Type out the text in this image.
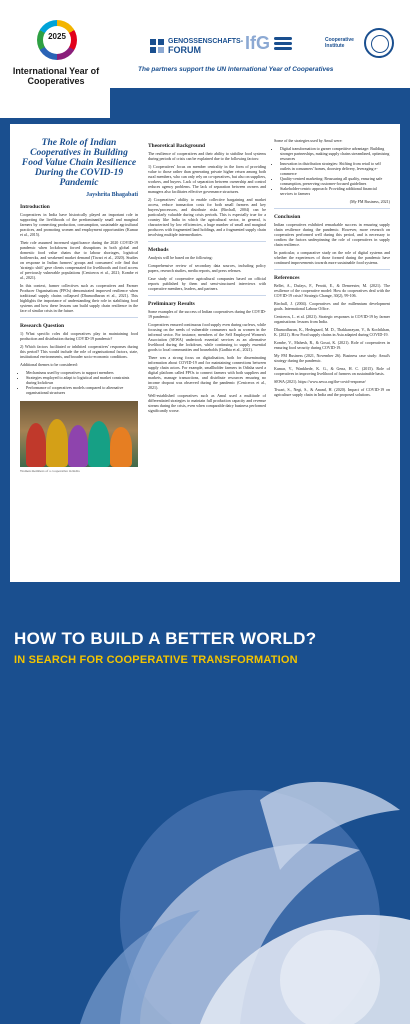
The partners support the UN International Year of Cooperatives
2025
International Year of Cooperatives
GENOSSENSCHAFTS-
FORUM	IfG	Cooperative Institute
The Role of Indian Cooperatives in Building Food Value Chain Resilience During the COVID-19 Pandemic
Jayshrita Bhagabati
Introduction

Cooperatives in India have historically played an important role in supporting the livelihoods of the predominantly small and marginal farmers by connecting production, consumption, sustainable agricultural practices, and promoting women and employment opportunities (Kumar et al., 2015).

Their role assumed increased significance during the 2020 COVID-19 pandemic when lockdowns forced disruptions in both global and domestic food value chains due to labour shortages, logistical bottlenecks, and weakened market demand (Tiwari et al., 2020). Studies on response in Indian farmers' groups and consumers' role find that 'strategic shift' gave clients compensated for livelihoods and food access of previously vulnerable populations (Ceniceros et al., 2021; Kombe et al., 2021).

In this context, farmer collectives such as cooperatives and Farmer Producer Organisations (FPOs) demonstrated improved resilience when traditional supply chains collapsed (Dhamodharan et al., 2021). This highlights the importance of understanding their role in stabilising food systems and how these lessons can build supply chain resilience in the face of similar crisis in the future.

Research Question

1) What specific roles did cooperatives play in maintaining food production and distribution during COVID-19 pandemic?

2) Which factors facilitated or inhibited cooperatives' responses during this period? This would include the role of organisational factors, state, institutional environments, and broader socio-economic conditions.

Additional themes to be considered:

• Mechanisms used by cooperatives to support members
• Strategies employed to adapt to logistical and market constraints during lockdown
• Performance of cooperatives models compared to alternative organisational structures
Women members of a cooperative in India
Theoretical Background

The resilience of cooperatives and their ability to stabilise food systems during periods of crisis can be explained due to the following factors:

1) Cooperatives' focus on member centrality in the form of providing value to those rather than generating private higher return among both rural members, who can only rely on co-operatives, but also on suppliers, workers, and buyers. Lack of separation between ownership and control reduces agency problems. The lack of separation between owners and managers also facilitates effective governance structures.

2) Cooperatives' ability to enable collective bargaining and market access, reduce transaction costs for both small farmers and key buyers/processors, and distribute risks (Birchall, 2004) can be particularly valuable during crisis periods. This is especially true for a country like India in which the agricultural sector, in general, is characterised by low efficiencies, a huge number of small and marginal producers with fragmented land holdings, and a fragmented supply chain involving multiple intermediaries.

Methods

Analysis will be based on the following:

Comprehensive review of secondary data sources, including policy papers, research studies, media reports, and press releases.

Case study of cooperative agricultural companies based on official reports published by them and semi-structured interviews with cooperative members, leaders, and partners.

Preliminary Results

Some examples of the success of Indian cooperatives during the COVID-19 pandemic:

Cooperatives ensured continuous food supply even during curfews, while focusing on the needs of vulnerable consumers such as women in the informal sector. For instance, members of the Self Employed Women's Association (SEWA) undertook essential services as an alternative livelihood during the lockdown, while continuing to supply essential goods to local communities and households (Gadhia et al., 2021).

There was a strong focus on digitalisation, both for disseminating information about COVID-19 and for maintaining connections between supply chain actors. For example, smallholder farmers in Odisha used a digital platform called FPOs to connect farmers with both suppliers and markets, manage transactions, and distribute resources ensuring no income dropout was observed during the pandemic (Ceniceros et al., 2021).

Well-established cooperatives such as Amul used a multitude of differentiated strategies to maintain full production capacity and revenue stream during the crisis, even when comparable dairy business performed significantly worse.

Some of the strategies used by Amul were:

• Digital transformation to garner competitive advantage: Building stronger partnerships, making supply chains streamlined, optimising resources
• Innovation in distribution strategies: Shifting from retail to self outlets in consumers' homes, doorstep delivery, leveraging e-commerce
• Quality-centred marketing: Reassuring all quality, ensuring safe consumption, preserving customer-focused guidelines
• Stakeholder-centric approach: Providing additional financial services to farmers

(My FM Business, 2021)

Conclusion

Indian cooperatives exhibited remarkable success in ensuring supply chain resilience during the pandemic. However, more research on cooperatives performed well during this period, and is necessary to confirm the factors underpinning the role of cooperatives in supply chain resilience.

In particular, a comparative study on the role of digital systems and whether the experiences of those formed during the pandemic have continued improvements towards more sustainable food systems.

References

Bellet, A., Dufays, F., Perotti, E., & Demeester, M. (2021). The resilience of the cooperative model: How do cooperatives deal with the COVID-19 crisis? Strategic Change, 30(2), 99-106.

Birchall, J. (2004). Cooperatives and the millennium development goals. International Labour Office.

Ceniceros, L. et al. (2021). Strategic responses to COVID-19 by farmer organisations: lessons from India.

Dhamodharan, K., Hedegaard, M. D., Thakkarrayan, V., & Kochikhan, K. (2021). How Food supply chains in Asia adapted during COVID-19.

Kombe, V., Mahesh, R., & Gosai, K. (2021). Role of cooperatives in ensuring food security during COVID-19.

My FM Business (2021, November 26). Business case study: Amul's strategy during the pandemic.

Kumar, V., Wankhede, K. G., & Gena, H. C. (2015). Role of cooperatives in improving livelihood of farmers on sustainable basis.

SEWA (2021). https://www.sewa.org/the-covid-response/

Tiwari, S., Negi, S., & Anand, H. (2020). Impact of COVID-19 on agriculture supply chain in India and the proposed solutions.

HOW TO BUILD A BETTER WORLD?
IN SEARCH FOR COOPERATIVE TRANSFORMATION
